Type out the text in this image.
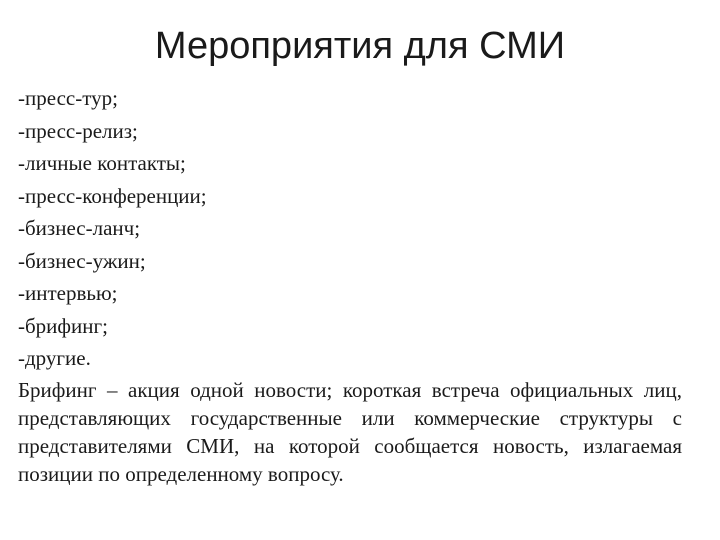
Мероприятия для СМИ
-пресс-тур;
-пресс-релиз;
-личные контакты;
-пресс-конференции;
-бизнес-ланч;
-бизнес-ужин;
-интервью;
-брифинг;
-другие.

Брифинг – акция одной новости; короткая встреча официальных лиц, представляющих государственные или коммерческие структуры с представителями СМИ, на которой сообщается новость, излагаемая позиции по определенному вопросу.
